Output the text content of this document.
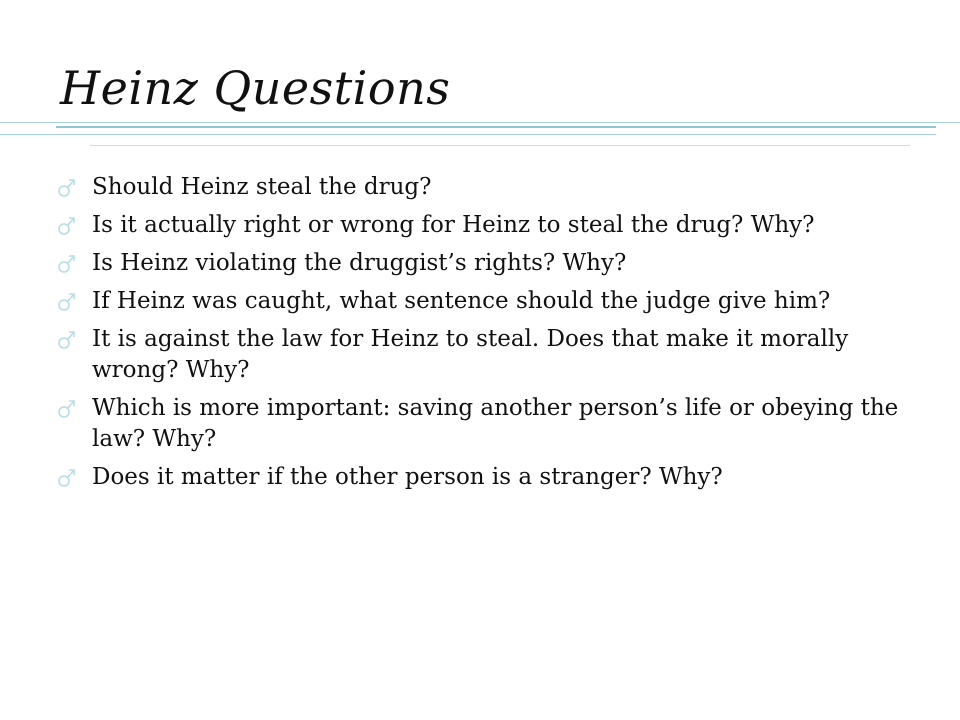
Heinz Questions
Should Heinz steal the drug?
Is it actually right or wrong for Heinz to steal the drug? Why?
Is Heinz violating the druggist’s rights? Why?
If Heinz was caught, what sentence should the judge give him?
It is against the law for Heinz to steal. Does that make it morally wrong? Why?
Which is more important: saving another person’s life or obeying the law? Why?
Does it matter if the other person is a stranger? Why?
